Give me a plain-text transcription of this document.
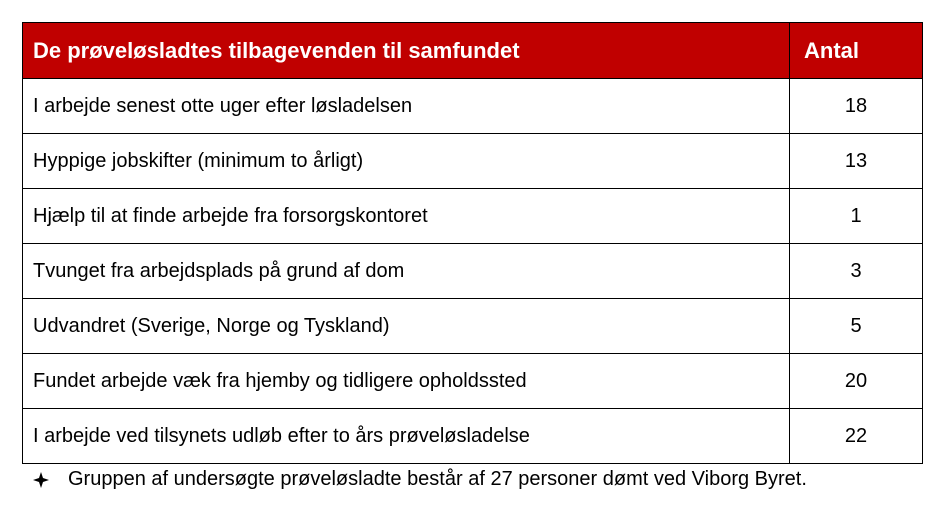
De prøveløsladtes tilbagevenden til samfundet	Antal
I arbejde senest otte uger efter løsladelsen	18
Hyppige jobskifter (minimum to årligt)	13
Hjælp til at finde arbejde fra forsorgskontoret	1
Tvunget fra arbejdsplads på grund af dom	3
Udvandret (Sverige, Norge og Tyskland)	5
Fundet arbejde væk fra hjemby og tidligere opholdssted	20
I arbejde ved tilsynets udløb efter to års prøveløsladelse	22
Gruppen af undersøgte prøveløsladte består af 27 personer dømt ved Viborg Byret.
